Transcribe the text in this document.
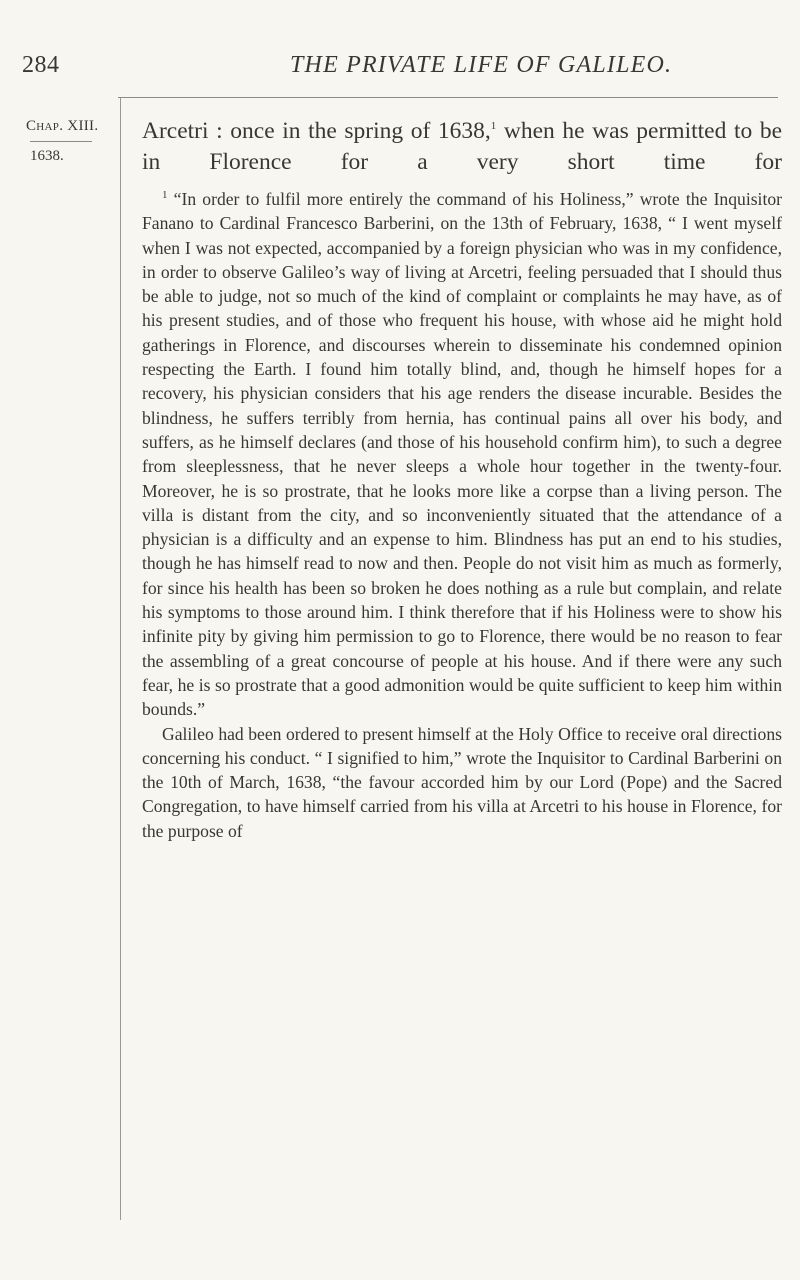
284	THE PRIVATE LIFE OF GALILEO.
Chap. XIII.
1638.
Arcetri : once in the spring of 1638,$^1$ when he was permitted to be in Florence for a very short time for

$^1$ “In order to fulfil more entirely the command of his Holiness,” wrote the Inquisitor Fanano to Cardinal Francesco Barberini, on the 13th of February, 1638, “ I went myself when I was not expected, accompanied by a foreign physician who was in my confidence, in order to observe Galileo’s way of living at Arcetri, feeling persuaded that I should thus be able to judge, not so much of the kind of complaint or complaints he may have, as of his present studies, and of those who frequent his house, with whose aid he might hold gatherings in Florence, and discourses wherein to disseminate his condemned opinion respecting the Earth. I found him totally blind, and, though he himself hopes for a recovery, his physician considers that his age renders the disease incurable. Besides the blindness, he suffers terribly from hernia, has continual pains all over his body, and suffers, as he himself declares (and those of his household confirm him), to such a degree from sleeplessness, that he never sleeps a whole hour together in the twenty-four. Moreover, he is so prostrate, that he looks more like a corpse than a living person. The villa is distant from the city, and so inconveniently situated that the attendance of a physician is a difficulty and an expense to him. Blindness has put an end to his studies, though he has himself read to now and then. People do not visit him as much as formerly, for since his health has been so broken he does nothing as a rule but complain, and relate his symptoms to those around him. I think therefore that if his Holiness were to show his infinite pity by giving him permission to go to Florence, there would be no reason to fear the assembling of a great concourse of people at his house. And if there were any such fear, he is so prostrate that a good admonition would be quite sufficient to keep him within bounds.”

Galileo had been ordered to present himself at the Holy Office to receive oral directions concerning his conduct. “ I signified to him,” wrote the Inquisitor to Cardinal Barberini on the 10th of March, 1638, “the favour accorded him by our Lord (Pope) and the Sacred Congregation, to have himself carried from his villa at Arcetri to his house in Florence, for the purpose of
